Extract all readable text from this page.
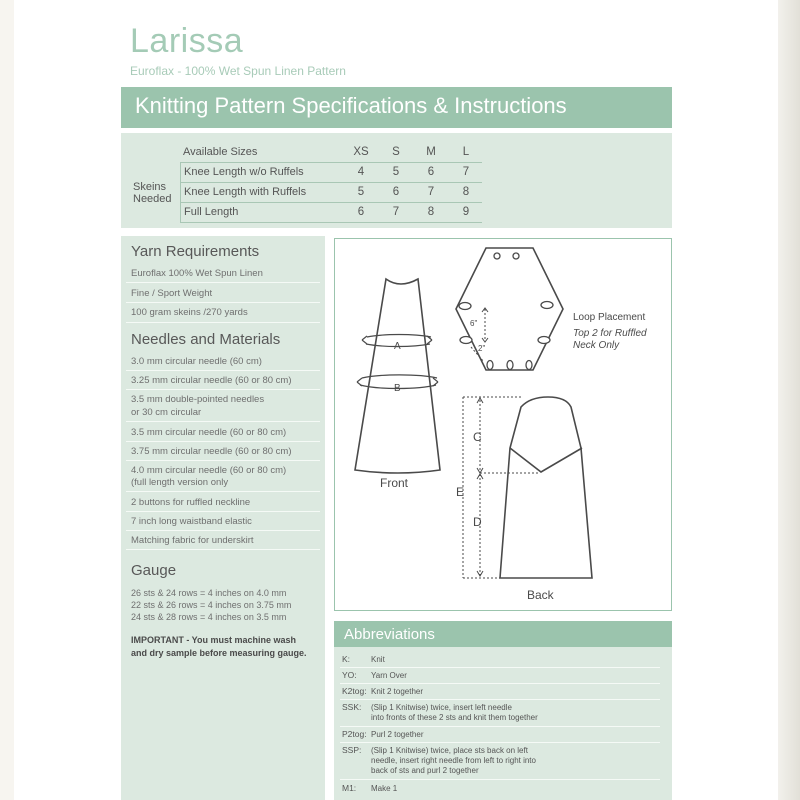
Larissa
Euroflax - 100% Wet Spun Linen Pattern
Knitting Pattern Specifications & Instructions
Available Sizes	XS	S	M	L
Skeins
Needed
Knee Length w/o Ruffels	4	5	6	7
Knee Length with Ruffels	5	6	7	8
Full Length	6	7	8	9
Yarn Requirements
Euroflax 100% Wet Spun Linen
Fine / Sport Weight
100 gram skeins /270 yards
Needles and Materials
3.0 mm circular needle (60 cm)
3.25 mm circular needle (60 or 80 cm)
3.5 mm double-pointed needles
or 30 cm circular
3.5 mm circular needle (60 or 80 cm)
3.75 mm circular needle (60 or 80 cm)
4.0 mm circular needle (60 or 80 cm)
(full length version only
2 buttons for ruffled neckline
7 inch long waistband elastic
Matching fabric for underskirt
Gauge
26 sts & 24 rows = 4 inches on 4.0 mm
22 sts & 26 rows = 4 inches on 3.75 mm
24 sts & 28 rows = 4 inches on 3.5 mm
IMPORTANT - You must machine wash
and dry sample before measuring gauge.
A
B
Front
Back
6"
2"
Loop Placement
Top 2 for Ruffled
Neck Only
C
E
D
Abbreviations
K:	Knit
YO: Yarn Over
K2tog: Knit 2 together
SSK: (Slip 1 Knitwise) twice, insert left needle
into fronts of these 2 sts and knit them together
P2tog: Purl 2 together
SSP: (Slip 1 Knitwise) twice, place sts back on left
needle, insert right needle from left to right into
back of sts and purl 2 together
M1: Make 1
